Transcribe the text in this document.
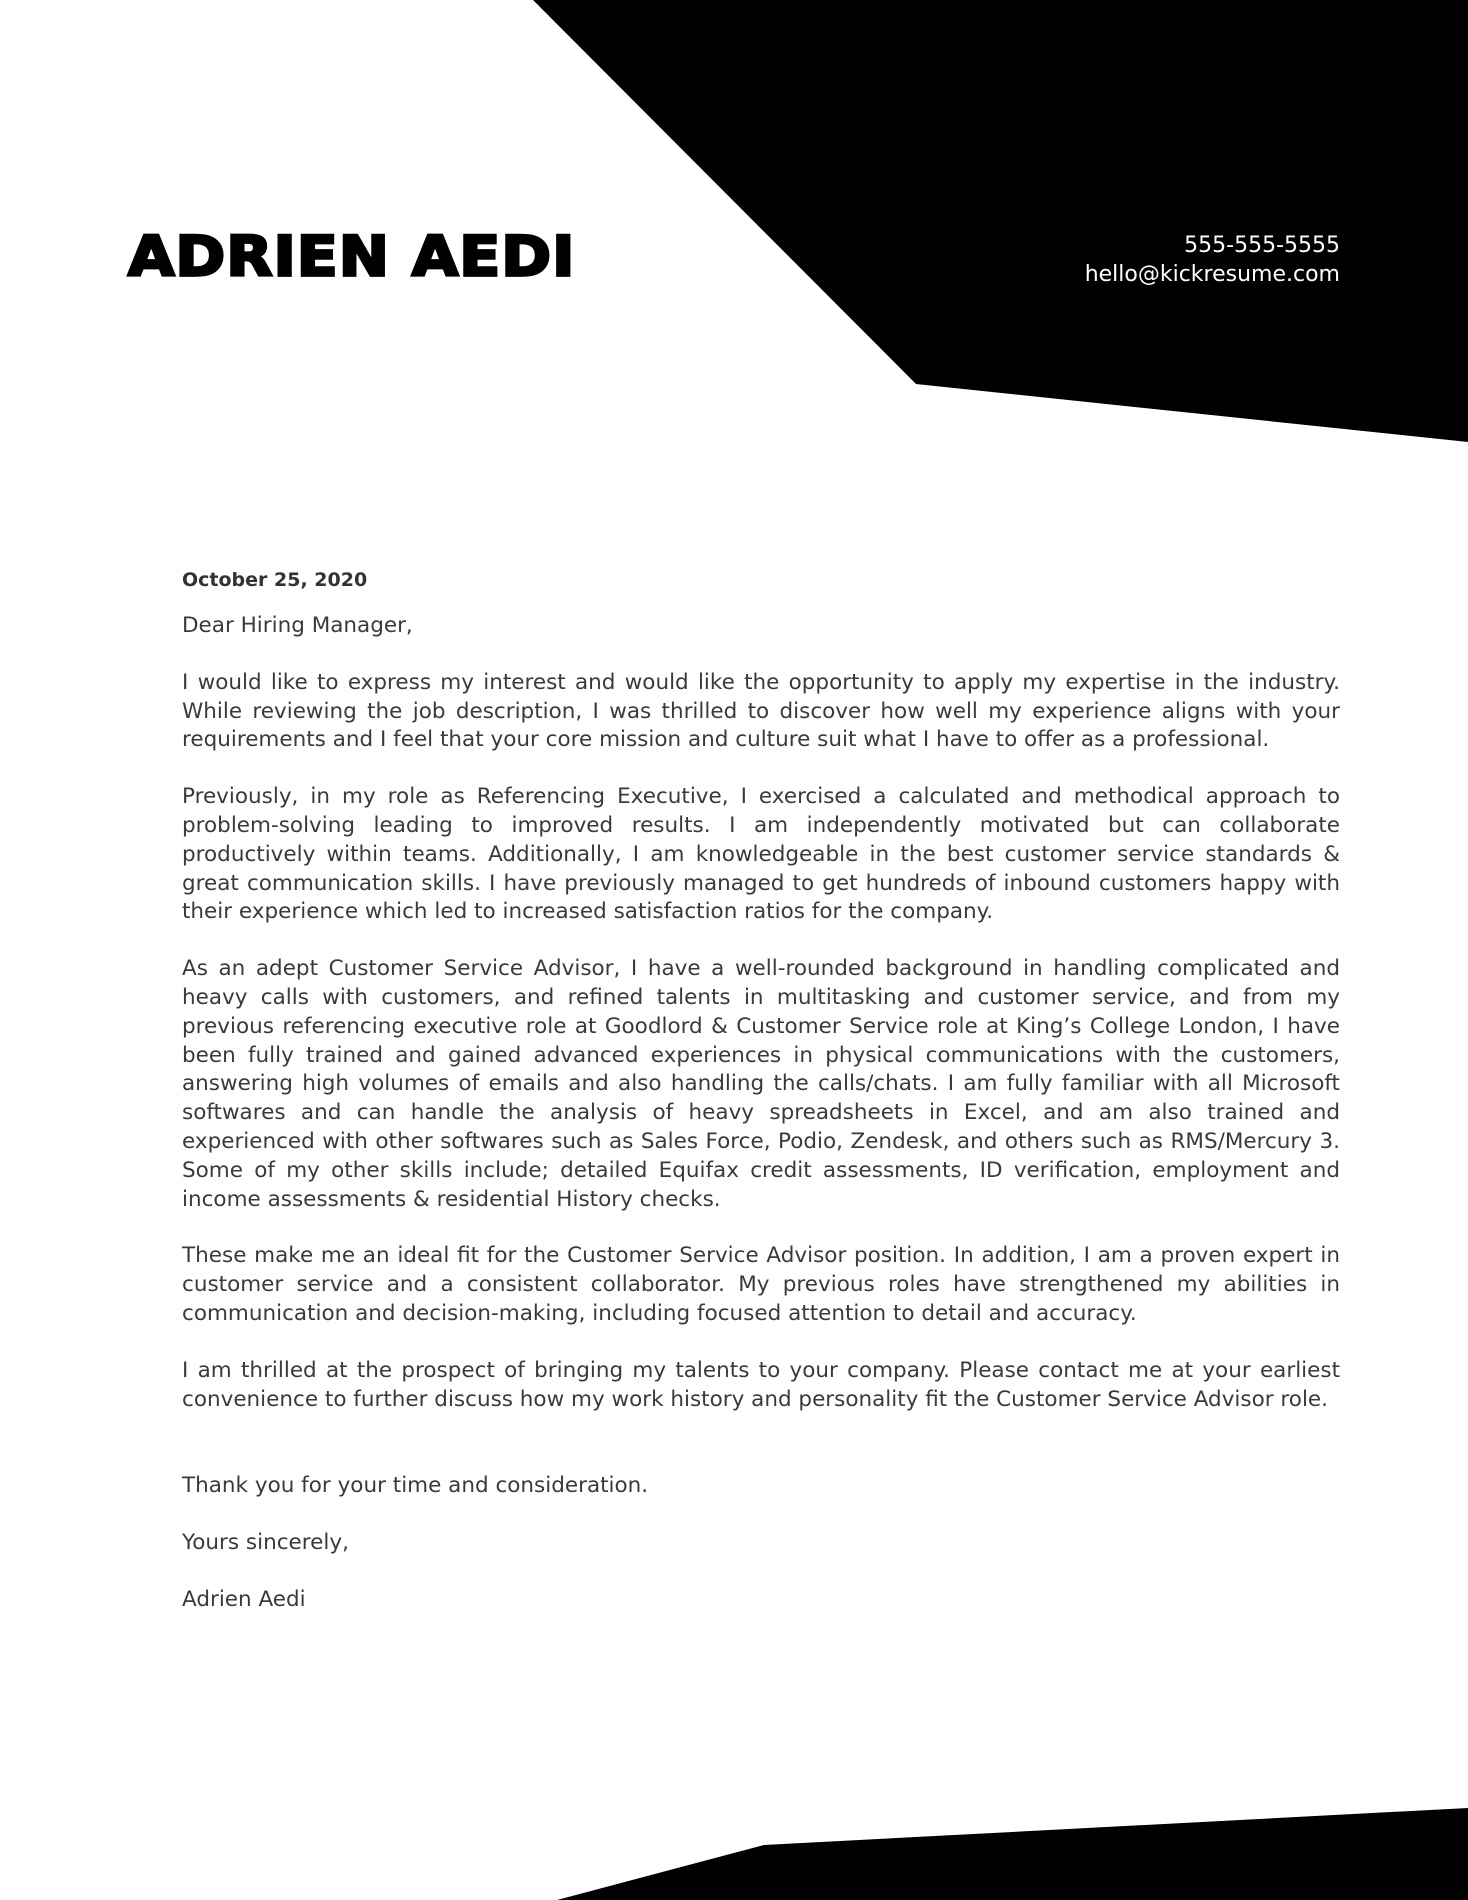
ADRIEN AEDI	555-555-5555
hello@kickresume.com
October 25, 2020

Dear Hiring Manager,

I would like to express my interest and would like the opportunity to apply my expertise in the industry. While reviewing the job description, I was thrilled to discover how well my experience aligns with your requirements and I feel that your core mission and culture suit what I have to offer as a professional.

Previously, in my role as Referencing Executive, I exercised a calculated and methodical approach to problem-solving leading to improved results. I am independently motivated but can collaborate productively within teams. Additionally, I am knowledgeable in the best customer service standards & great communication skills. I have previously managed to get hundreds of inbound customers happy with their experience which led to increased satisfaction ratios for the company.

As an adept Customer Service Advisor, I have a well-rounded background in handling complicated and heavy calls with customers, and refined talents in multitasking and customer service, and from my previous referencing executive role at Goodlord & Customer Service role at King’s College London, I have been fully trained and gained advanced experiences in physical communications with the customers, answering high volumes of emails and also handling the calls/chats. I am fully familiar with all Microsoft softwares and can handle the analysis of heavy spreadsheets in Excel, and am also trained and experienced with other softwares such as Sales Force, Podio, Zendesk, and others such as RMS/Mercury 3. Some of my other skills include; detailed Equifax credit assessments, ID verification, employment and income assessments & residential History checks.

These make me an ideal fit for the Customer Service Advisor position. In addition, I am a proven expert in customer service and a consistent collaborator. My previous roles have strengthened my abilities in communication and decision-making, including focused attention to detail and accuracy.

I am thrilled at the prospect of bringing my talents to your company. Please contact me at your earliest convenience to further discuss how my work history and personality fit the Customer Service Advisor role.

Thank you for your time and consideration.

Yours sincerely,

Adrien Aedi
